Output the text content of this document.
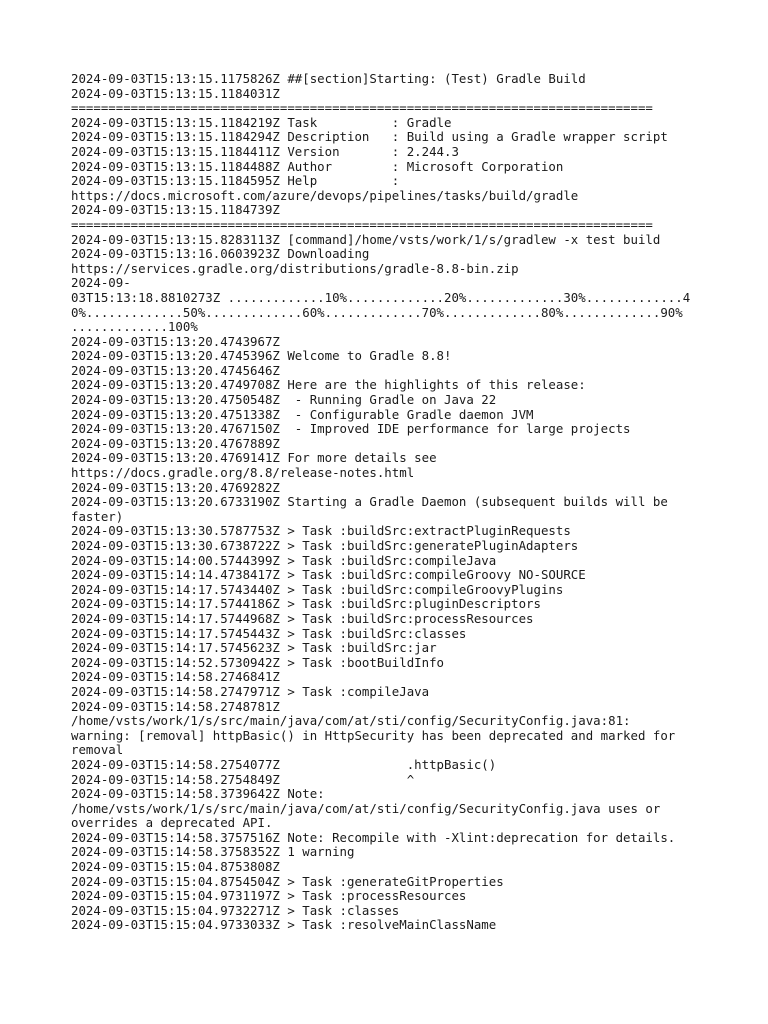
2024-09-03T15:13:15.1175826Z ##[section]Starting: (Test) Gradle Build
2024-09-03T15:13:15.1184031Z
==============================================================================
2024-09-03T15:13:15.1184219Z Task          : Gradle
2024-09-03T15:13:15.1184294Z Description   : Build using a Gradle wrapper script
2024-09-03T15:13:15.1184411Z Version       : 2.244.3
2024-09-03T15:13:15.1184488Z Author        : Microsoft Corporation
2024-09-03T15:13:15.1184595Z Help          :
https://docs.microsoft.com/azure/devops/pipelines/tasks/build/gradle
2024-09-03T15:13:15.1184739Z
==============================================================================
2024-09-03T15:13:15.8283113Z [command]/home/vsts/work/1/s/gradlew -x test build
2024-09-03T15:13:16.0603923Z Downloading
https://services.gradle.org/distributions/gradle-8.8-bin.zip
2024-09-
03T15:13:18.8810273Z .............10%.............20%.............30%.............4
0%.............50%.............60%.............70%.............80%.............90%
.............100%
2024-09-03T15:13:20.4743967Z
2024-09-03T15:13:20.4745396Z Welcome to Gradle 8.8!
2024-09-03T15:13:20.4745646Z
2024-09-03T15:13:20.4749708Z Here are the highlights of this release:
2024-09-03T15:13:20.4750548Z  - Running Gradle on Java 22
2024-09-03T15:13:20.4751338Z  - Configurable Gradle daemon JVM
2024-09-03T15:13:20.4767150Z  - Improved IDE performance for large projects
2024-09-03T15:13:20.4767889Z
2024-09-03T15:13:20.4769141Z For more details see
https://docs.gradle.org/8.8/release-notes.html
2024-09-03T15:13:20.4769282Z
2024-09-03T15:13:20.6733190Z Starting a Gradle Daemon (subsequent builds will be
faster)
2024-09-03T15:13:30.5787753Z > Task :buildSrc:extractPluginRequests
2024-09-03T15:13:30.6738722Z > Task :buildSrc:generatePluginAdapters
2024-09-03T15:14:00.5744399Z > Task :buildSrc:compileJava
2024-09-03T15:14:14.4738417Z > Task :buildSrc:compileGroovy NO-SOURCE
2024-09-03T15:14:17.5743440Z > Task :buildSrc:compileGroovyPlugins
2024-09-03T15:14:17.5744186Z > Task :buildSrc:pluginDescriptors
2024-09-03T15:14:17.5744968Z > Task :buildSrc:processResources
2024-09-03T15:14:17.5745443Z > Task :buildSrc:classes
2024-09-03T15:14:17.5745623Z > Task :buildSrc:jar
2024-09-03T15:14:52.5730942Z > Task :bootBuildInfo
2024-09-03T15:14:58.2746841Z
2024-09-03T15:14:58.2747971Z > Task :compileJava
2024-09-03T15:14:58.2748781Z
/home/vsts/work/1/s/src/main/java/com/at/sti/config/SecurityConfig.java:81:
warning: [removal] httpBasic() in HttpSecurity has been deprecated and marked for
removal
2024-09-03T15:14:58.2754077Z                 .httpBasic()
2024-09-03T15:14:58.2754849Z                 ^
2024-09-03T15:14:58.3739642Z Note:
/home/vsts/work/1/s/src/main/java/com/at/sti/config/SecurityConfig.java uses or
overrides a deprecated API.
2024-09-03T15:14:58.3757516Z Note: Recompile with -Xlint:deprecation for details.
2024-09-03T15:14:58.3758352Z 1 warning
2024-09-03T15:15:04.8753808Z
2024-09-03T15:15:04.8754504Z > Task :generateGitProperties
2024-09-03T15:15:04.9731197Z > Task :processResources
2024-09-03T15:15:04.9732271Z > Task :classes
2024-09-03T15:15:04.9733033Z > Task :resolveMainClassName
